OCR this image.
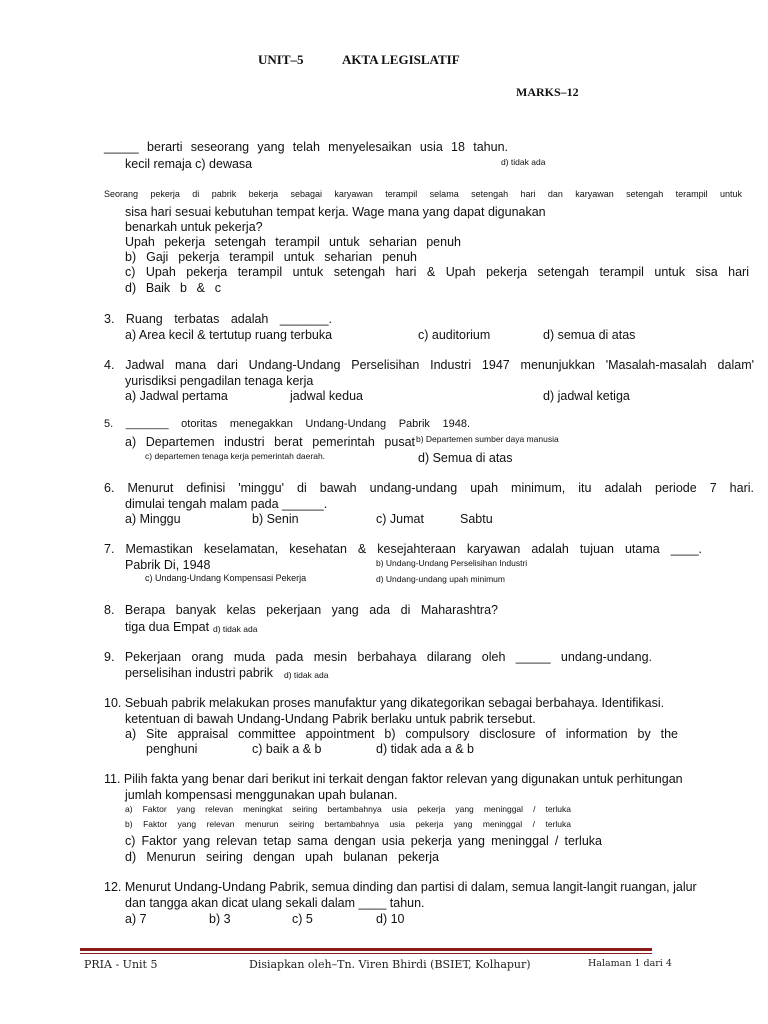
UNIT–5	AKTA LEGISLATIF
MARKS–12
_____ berarti seseorang yang telah menyelesaikan usia 18 tahun.
kecil remaja c) dewasa	d) tidak ada
Seorang pekerja di pabrik bekerja sebagai karyawan terampil selama setengah hari dan karyawan setengah terampil untuk
sisa hari sesuai kebutuhan tempat kerja. Wage mana yang dapat digunakan
benarkah untuk pekerja?
Upah pekerja setengah terampil untuk seharian penuh
b) Gaji pekerja terampil untuk seharian penuh
c) Upah pekerja terampil untuk setengah hari & Upah pekerja setengah terampil untuk sisa hari
d) Baik b & c
3. Ruang terbatas adalah _______.
a) Area kecil & tertutup ruang terbuka	c) auditorium	d) semua di atas
4. Jadwal mana dari Undang-Undang Perselisihan Industri 1947 menunjukkan 'Masalah-masalah dalam'
yurisdiksi pengadilan tenaga kerja
a) Jadwal pertama	jadwal kedua	d) jadwal ketiga
5. _______ otoritas menegakkan Undang-Undang Pabrik 1948.
a) Departemen industri berat pemerintah pusat b) Departemen sumber daya manusia
c) departemen tenaga kerja pemerintah daerah.	d) Semua di atas
6. Menurut definisi 'minggu' di bawah undang-undang upah minimum, itu adalah periode 7 hari.
dimulai tengah malam pada ______.
a) Minggu	b) Senin	c) Jumat	Sabtu
7. Memastikan keselamatan, kesehatan & kesejahteraan karyawan adalah tujuan utama ____.
Pabrik Di, 1948	b) Undang-Undang Perselisihan Industri
c) Undang-Undang Kompensasi Pekerja	d) Undang-undang upah minimum
8. Berapa banyak kelas pekerjaan yang ada di Maharashtra?
tiga dua Empat d) tidak ada
9. Pekerjaan orang muda pada mesin berbahaya dilarang oleh _____ undang-undang.
perselisihan industri pabrik d) tidak ada
10. Sebuah pabrik melakukan proses manufaktur yang dikategorikan sebagai berbahaya. Identifikasi.
ketentuan di bawah Undang-Undang Pabrik berlaku untuk pabrik tersebut.
a) Site appraisal committee appointment b) compulsory disclosure of information by the
penghuni	c) baik a & b	d) tidak ada a & b
11. Pilih fakta yang benar dari berikut ini terkait dengan faktor relevan yang digunakan untuk perhitungan
jumlah kompensasi menggunakan upah bulanan.
a) Faktor yang relevan meningkat seiring bertambahnya usia pekerja yang meninggal / terluka
b) Faktor yang relevan menurun seiring bertambahnya usia pekerja yang meninggal / terluka
c) Faktor yang relevan tetap sama dengan usia pekerja yang meninggal / terluka
d) Menurun seiring dengan upah bulanan pekerja
12. Menurut Undang-Undang Pabrik, semua dinding dan partisi di dalam, semua langit-langit ruangan, jalur
dan tangga akan dicat ulang sekali dalam ____ tahun.
a) 7	b) 3	c) 5	d) 10
PRIA - Unit 5	Disiapkan oleh–Tn. Viren Bhirdi (BSIET, Kolhapur)	Halaman 1 dari 4
